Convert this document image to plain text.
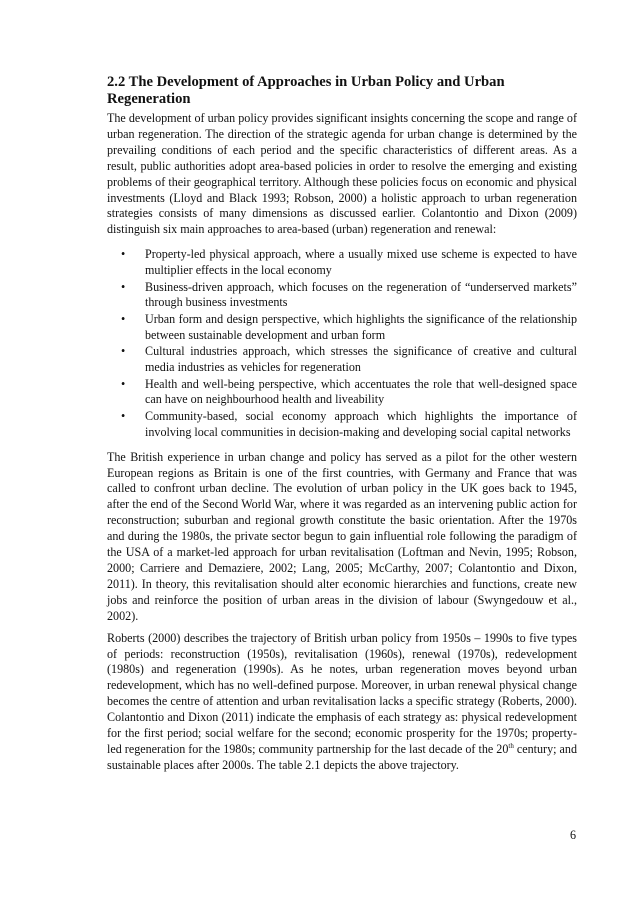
2.2 The Development of Approaches in Urban Policy and Urban Regeneration

The development of urban policy provides significant insights concerning the scope and range of urban regeneration. The direction of the strategic agenda for urban change is determined by the prevailing conditions of each period and the specific characteristics of different areas. As a result, public authorities adopt area-based policies in order to resolve the emerging and existing problems of their geographical territory. Although these policies focus on economic and physical investments (Lloyd and Black 1993; Robson, 2000) a holistic approach to urban regeneration strategies consists of many dimensions as discussed earlier. Colantontio and Dixon (2009) distinguish six main approaches to area-based (urban) regeneration and renewal:

• Property-led physical approach, where a usually mixed use scheme is expected to have multiplier effects in the local economy
• Business-driven approach, which focuses on the regeneration of “underserved markets” through business investments
• Urban form and design perspective, which highlights the significance of the relationship between sustainable development and urban form
• Cultural industries approach, which stresses the significance of creative and cultural media industries as vehicles for regeneration
• Health and well-being perspective, which accentuates the role that well-designed space can have on neighbourhood health and liveability
• Community-based, social economy approach which highlights the importance of involving local communities in decision-making and developing social capital networks

The British experience in urban change and policy has served as a pilot for the other western European regions as Britain is one of the first countries, with Germany and France that was called to confront urban decline. The evolution of urban policy in the UK goes back to 1945, after the end of the Second World War, where it was regarded as an intervening public action for reconstruction; suburban and regional growth constitute the basic orientation. After the 1970s and during the 1980s, the private sector begun to gain influential role following the paradigm of the USA of a market-led approach for urban revitalisation (Loftman and Nevin, 1995; Robson, 2000; Carriere and Demaziere, 2002; Lang, 2005; McCarthy, 2007; Colantontio and Dixon, 2011). In theory, this revitalisation should alter economic hierarchies and functions, create new jobs and reinforce the position of urban areas in the division of labour (Swyngedouw et al., 2002).

Roberts (2000) describes the trajectory of British urban policy from 1950s – 1990s to five types of periods: reconstruction (1950s), revitalisation (1960s), renewal (1970s), redevelopment (1980s) and regeneration (1990s). As he notes, urban regeneration moves beyond urban redevelopment, which has no well-defined purpose. Moreover, in urban renewal physical change becomes the centre of attention and urban revitalisation lacks a specific strategy (Roberts, 2000). Colantontio and Dixon (2011) indicate the emphasis of each strategy as: physical redevelopment for the first period; social welfare for the second; economic prosperity for the 1970s; property-led regeneration for the 1980s; community partnership for the last decade of the 20th century; and sustainable places after 2000s. The table 2.1 depicts the above trajectory.

6
